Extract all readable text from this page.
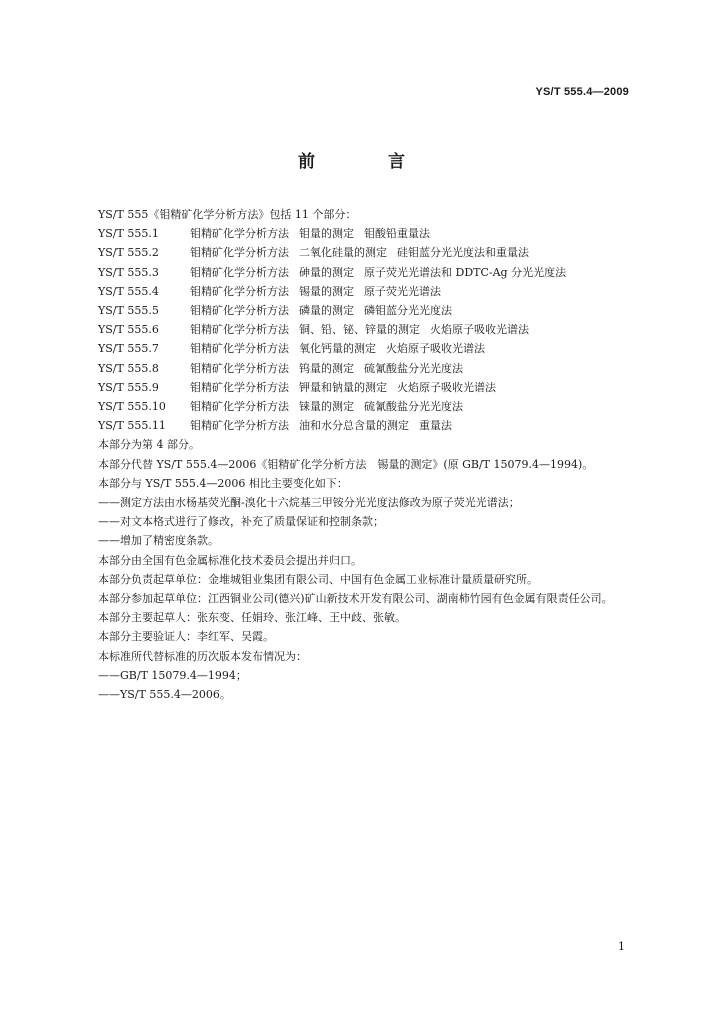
YS/T 555.4—2009
前　言
YS/T 555《钼精矿化学分析方法》包括 11 个部分：
YS/T 555.1	钼精矿化学分析方法 钼量的测定 钼酸铅重量法
YS/T 555.2	钼精矿化学分析方法 二氧化硅量的测定 硅钼蓝分光光度法和重量法
YS/T 555.3	钼精矿化学分析方法 砷量的测定 原子荧光光谱法和 DDTC-Ag 分光光度法
YS/T 555.4	钼精矿化学分析方法 锡量的测定 原子荧光光谱法
YS/T 555.5	钼精矿化学分析方法 磷量的测定 磷钼蓝分光光度法
YS/T 555.6	钼精矿化学分析方法 铜、铅、铋、锌量的测定 火焰原子吸收光谱法
YS/T 555.7	钼精矿化学分析方法 氧化钙量的测定 火焰原子吸收光谱法
YS/T 555.8	钼精矿化学分析方法 钨量的测定 硫氰酸盐分光光度法
YS/T 555.9	钼精矿化学分析方法 钾量和钠量的测定 火焰原子吸收光谱法
YS/T 555.10 钼精矿化学分析方法 铼量的测定 硫氰酸盐分光光度法
YS/T 555.11 钼精矿化学分析方法 油和水分总含量的测定 重量法
本部分为第 4 部分。
本部分代替 YS/T 555.4—2006《钼精矿化学分析方法　锡量的测定》(原 GB/T 15079.4—1994)。
本部分与 YS/T 555.4—2006 相比主要变化如下：
——测定方法由水杨基荧光酮-溴化十六烷基三甲铵分光光度法修改为原子荧光光谱法；
——对文本格式进行了修改，补充了质量保证和控制条款；
——增加了精密度条款。
本部分由全国有色金属标准化技术委员会提出并归口。
本部分负责起草单位：金堆城钼业集团有限公司、中国有色金属工业标准计量质量研究所。
本部分参加起草单位：江西铜业公司(德兴)矿山新技术开发有限公司、湖南柿竹园有色金属有限责任公司。
本部分主要起草人：张东变、任娟玲、张江峰、王中歧、张敏。
本部分主要验证人：李红军、吴霞。
本标准所代替标准的历次版本发布情况为：
——GB/T 15079.4—1994；
——YS/T 555.4—2006。
1
